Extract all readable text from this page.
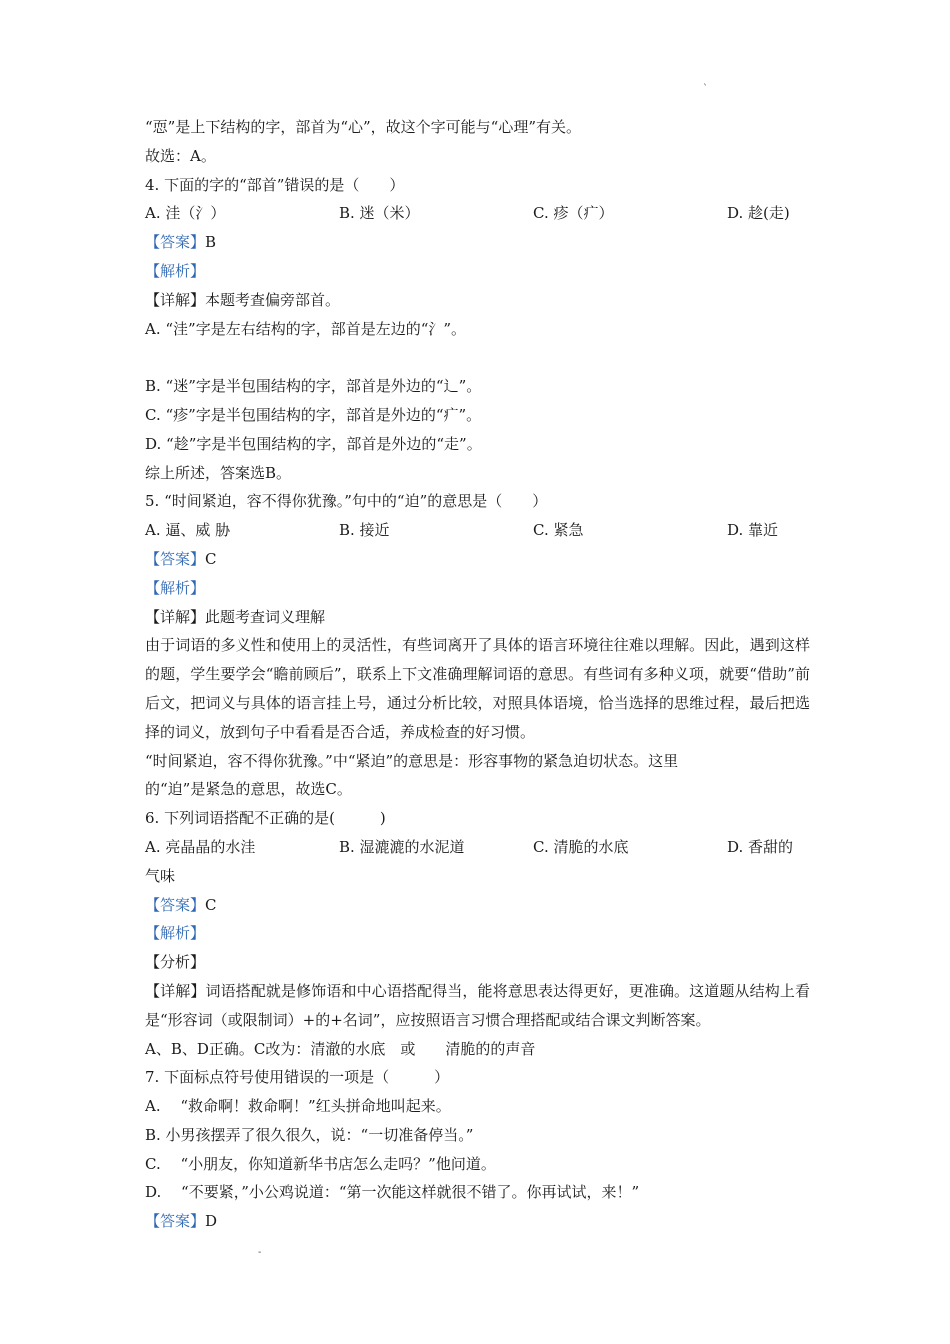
`
-
“恧”是上下结构的字，部首为“心”，故这个字可能与“心理”有关。
故选：A。
4. 下面的字的“部首”错误的是（　　）
A. 洼（氵）	B. 迷（米）	C. 疹（疒）	D. 趁(走)
【答案】B
【解析】
【详解】本题考查偏旁部首。
A. “洼”字是左右结构的字，部首是左边的“氵”。
B. “迷”字是半包围结构的字，部首是外边的“辶”。
C. “疹”字是半包围结构的字，部首是外边的“疒”。
D. “趁”字是半包围结构的字，部首是外边的“走”。
综上所述，答案选B。
5. “时间紧迫，容不得你犹豫。”句中的“迫”的意思是（　　）
A. 逼、威 胁	B. 接近	C. 紧急	D. 靠近
【答案】C
【解析】
【详解】此题考查词义理解
由于词语的多义性和使用上的灵活性，有些词离开了具体的语言环境往往难以理解。因此，遇到这样的题，学生要学会“瞻前顾后”，联系上下文准确理解词语的意思。有些词有多种义项，就要“借助”前后文，把词义与具体的语言挂上号，通过分析比较，对照具体语境，恰当选择的思维过程，最后把选择的词义，放到句子中看看是否合适，养成检查的好习惯。
“时间紧迫，容不得你犹豫。”中“紧迫”的意思是：形容事物的紧急迫切状态。这里
的“迫”是紧急的意思，故选C。
6. 下列词语搭配不正确的是(　　　)
A. 亮晶晶的水洼	B. 湿漉漉的水泥道	C. 清脆的水底	D. 香甜的
气味
【答案】C
【解析】
【分析】
【详解】词语搭配就是修饰语和中心语搭配得当，能将意思表达得更好，更准确。这道题从结构上看是“形容词（或限制词）+的+名词”，应按照语言习惯合理搭配或结合课文判断答案。
A、B、D正确。C改为：清澈的水底　或　　清脆的的声音
7. 下面标点符号使用错误的一项是（　　　）
A. 　“救命啊！救命啊！”红头拼命地叫起来。
B. 小男孩摆弄了很久很久，说：“一切准备停当。”
C. 　“小朋友，你知道新华书店怎么走吗？”他问道。
D. 　“不要紧，”小公鸡说道：“第一次能这样就很不错了。你再试试，来！”
【答案】D
